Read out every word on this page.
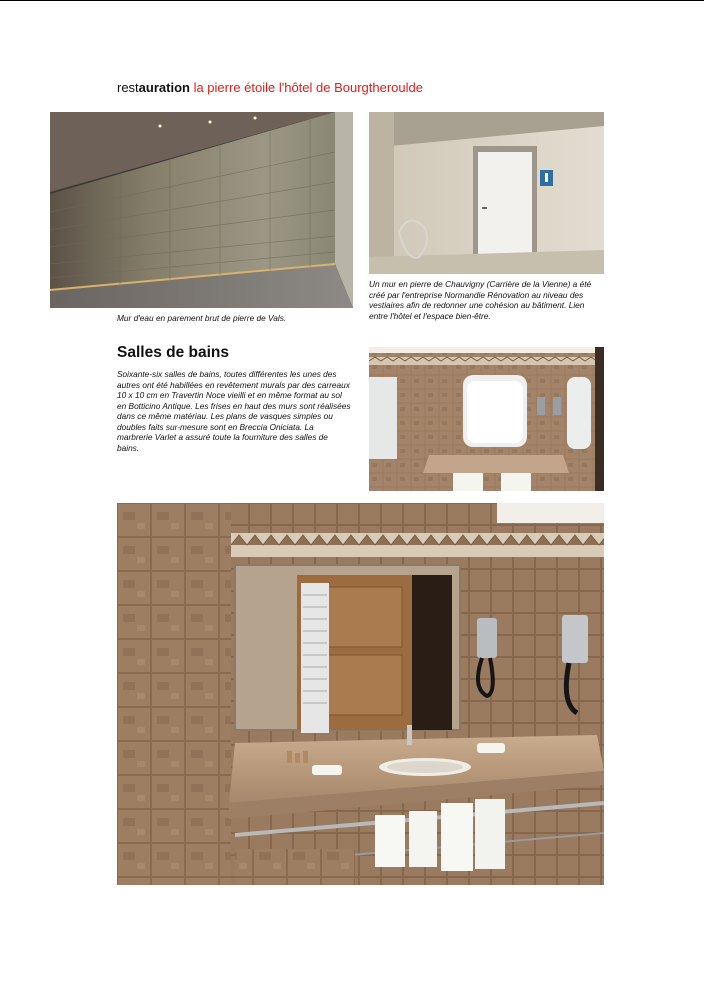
restauration la pierre étoile l'hôtel de Bourgtheroulde
Mur d'eau en parement brut de pierre de Vals.
Un mur en pierre de Chauvigny (Carrière de la Vienne) a été créé par l'entreprise Normandie Rénovation au niveau des vestiaires afin de redonner une cohésion au bâtiment. Lien entre l'hôtel et l'espace bien-être.
Salles de bains
Soixante-six salles de bains, toutes différentes les unes des autres ont été habillées en revêtement murals par des carreaux 10 x 10 cm en Travertin Noce vieilli et en même format au sol en Botticino Antique. Les frises en haut des murs sont réalisées dans ce même matériau. Les plans de vasques simples ou doubles faits sur-mesure sont en Breccia Oniciata. La marbrerie Varlet a assuré toute la fourniture des salles de bains.
